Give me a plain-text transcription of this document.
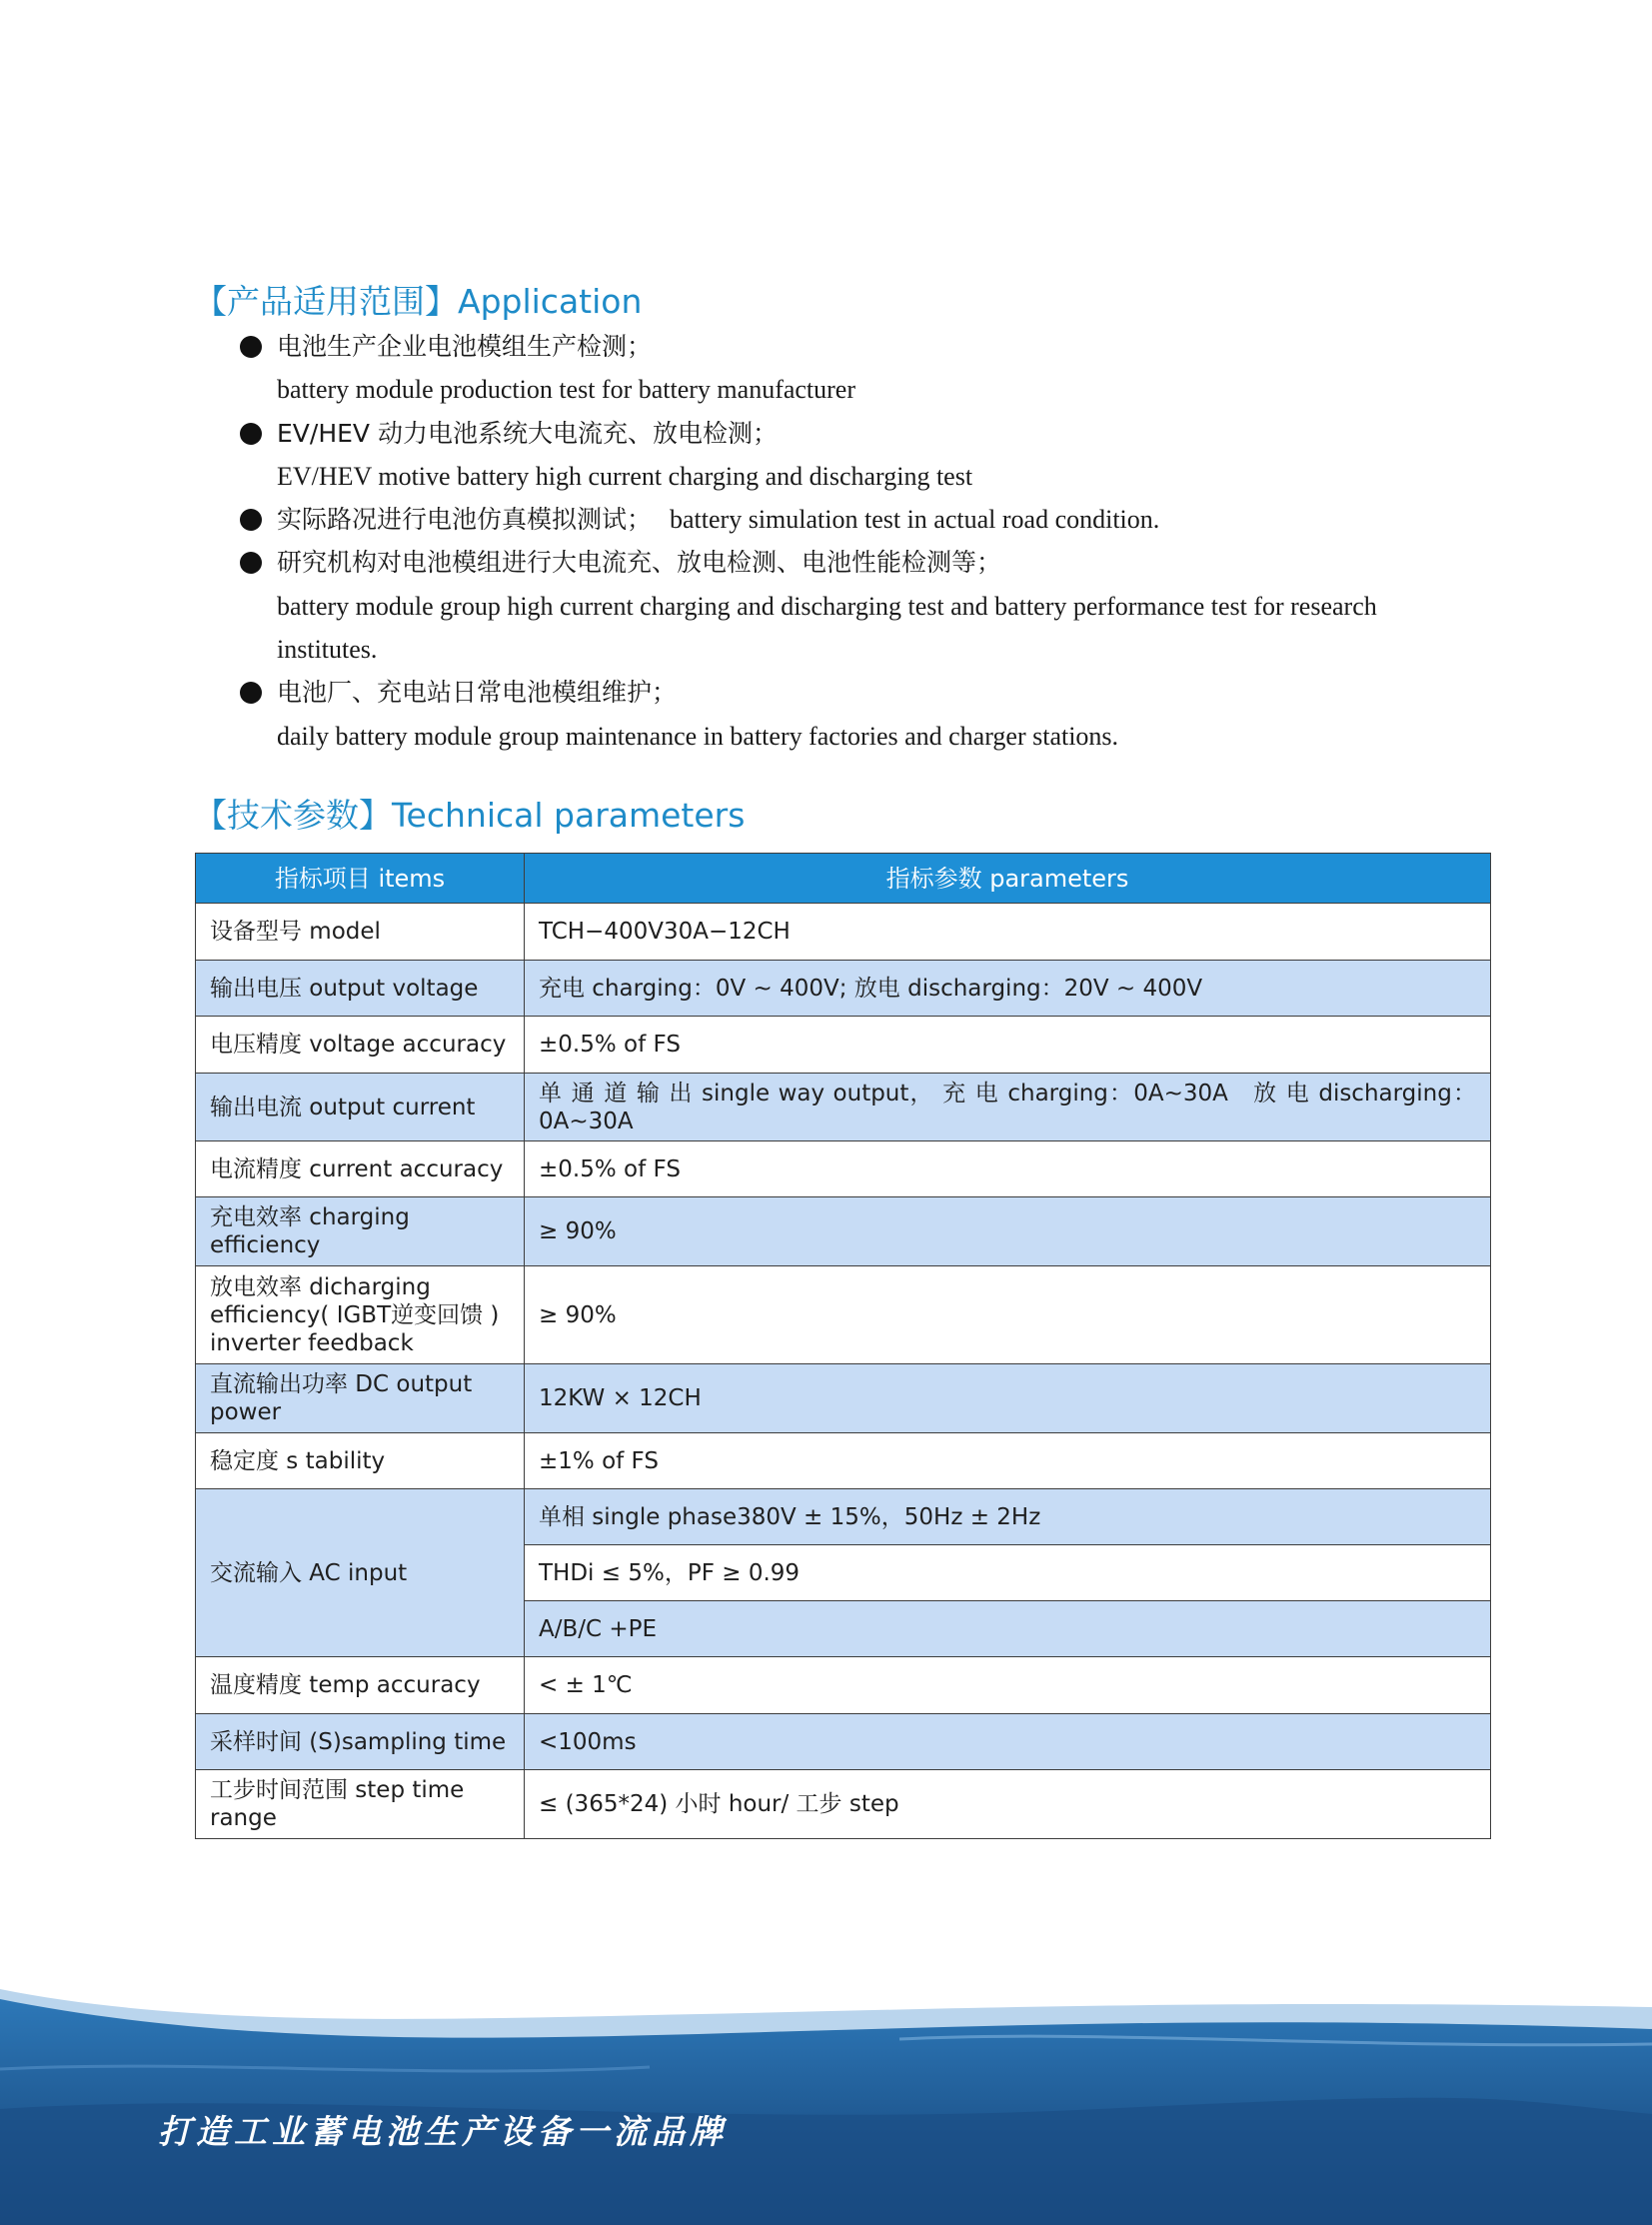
【产品适用范围】Application
电池生产企业电池模组生产检测；
battery module production test for battery manufacturer
EV/HEV 动力电池系统大电流充、放电检测；
EV/HEV motive battery high current charging and discharging test
实际路况进行电池仿真模拟测试； battery simulation test in actual road condition.
研究机构对电池模组进行大电流充、放电检测、电池性能检测等；
battery module group high current charging and discharging test and battery performance test for research institutes.
电池厂、充电站日常电池模组维护；
daily battery module group maintenance in battery factories and charger stations.
【技术参数】Technical parameters
指标项目 items	指标参数 parameters
设备型号 model	TCH−400V30A−12CH
输出电压 output voltage	充电 charging：0V ~ 400V; 放电 discharging：20V ~ 400V
电压精度 voltage accuracy	±0.5% of FS
输出电流 output current	单 通 道 输 出 single way output， 充 电 charging：0A~30A　放 电 discharging：0A~30A
电流精度 current accuracy	±0.5% of FS
充电效率 charging efficiency	≥ 90%
放电效率 dicharging efficiency( IGBT逆变回馈 ) inverter feedback	≥ 90%
直流输出功率 DC output power	12KW × 12CH
稳定度 s tability	±1% of FS
交流输入 AC input	单相 single phase380V ± 15%，50Hz ± 2Hz
	THDi ≤ 5%，PF ≥ 0.99
	A/B/C +PE
温度精度 temp accuracy	< ± 1℃
采样时间 (S)sampling time	<100ms
工步时间范围 step time range	≤ (365*24) 小时 hour/ 工步 step
打造工业蓄电池生产设备一流品牌
